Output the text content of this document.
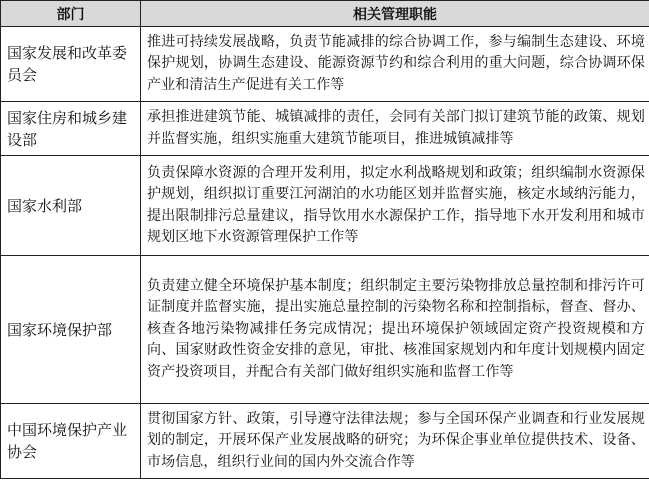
部门	相关管理职能
国家发展和改革委员会	推进可持续发展战略，负责节能减排的综合协调工作，参与编制生态建设、环境保护规划，协调生态建设、能源资源节约和综合利用的重大问题，综合协调环保产业和清洁生产促进有关工作等
国家住房和城乡建设部	承担推进建筑节能、城镇减排的责任，会同有关部门拟订建筑节能的政策、规划并监督实施，组织实施重大建筑节能项目，推进城镇减排等
国家水利部	负责保障水资源的合理开发利用，拟定水利战略规划和政策；组织编制水资源保护规划，组织拟订重要江河湖泊的水功能区划并监督实施，核定水域纳污能力，提出限制排污总量建议，指导饮用水水源保护工作，指导地下水开发利用和城市规划区地下水资源管理保护工作等
国家环境保护部	负责建立健全环境保护基本制度；组织制定主要污染物排放总量控制和排污许可证制度并监督实施，提出实施总量控制的污染物名称和控制指标，督查、督办、核查各地污染物减排任务完成情况；提出环境保护领域固定资产投资规模和方向、国家财政性资金安排的意见，审批、核准国家规划内和年度计划规模内固定资产投资项目，并配合有关部门做好组织实施和监督工作等
中国环境保护产业协会	贯彻国家方针、政策，引导遵守法律法规；参与全国环保产业调查和行业发展规划的制定，开展环保产业发展战略的研究；为环保企事业单位提供技术、设备、市场信息，组织行业间的国内外交流合作等
